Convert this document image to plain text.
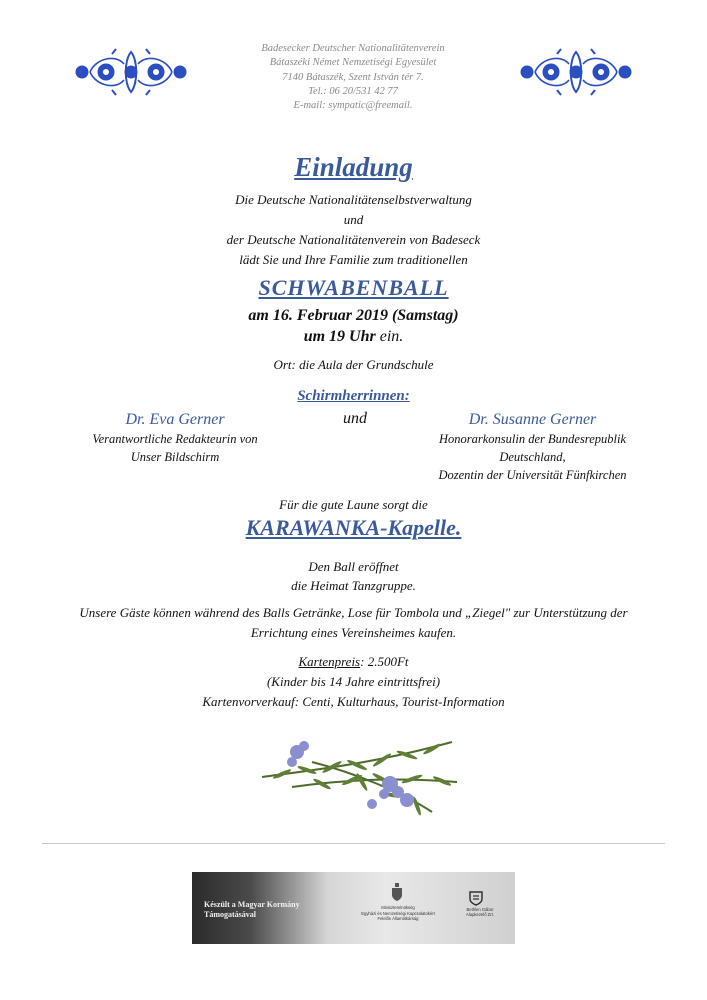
Badesecker Deutscher Nationalitätenverein
Bátaszéki Német Nemzetiségi Egyesület
7140 Bátaszék, Szent István tér 7.
Tel.: 06 20/531 42 77
E-mail: sympatic@freemail.
Einladung
Die Deutsche Nationalitätenselbstverwaltung
und
der Deutsche Nationalitätenverein von Badeseck
lädt Sie und Ihre Familie zum traditionellen
SCHWABENBALL
am 16. Februar 2019 (Samstag)
um 19 Uhr ein.
Ort: die Aula der Grundschule
Schirmherrinnen:
Dr. Eva Gerner
Verantwortliche Redakteurin von
Unser Bildschirm
und	Dr. Susanne Gerner
Honorarkonsulin der Bundesrepublik
Deutschland,
Dozentin der Universität Fünfkirchen
Für die gute Laune sorgt die
KARAWANKA-Kapelle.
Den Ball eröffnet
die Heimat Tanzgruppe.
Unsere Gäste können während des Balls Getränke, Lose für Tombola und „Ziegel" zur Unterstützung der
Errichtung eines Vereinsheimes kaufen.
Kartenpreis: 2.500Ft
(Kinder bis 14 Jahre eintrittsfrei)
Kartenvorverkauf: Centi, Kulturhaus, Tourist-Information
Készült a Magyar Kormány
Támogatásával
Miniszterelnökség
Egyházi és Nemzetiségi Kapcsolatokért
Felelős Államtitkárság
Bethlen Gábor
Alapkezelő Zrt.
